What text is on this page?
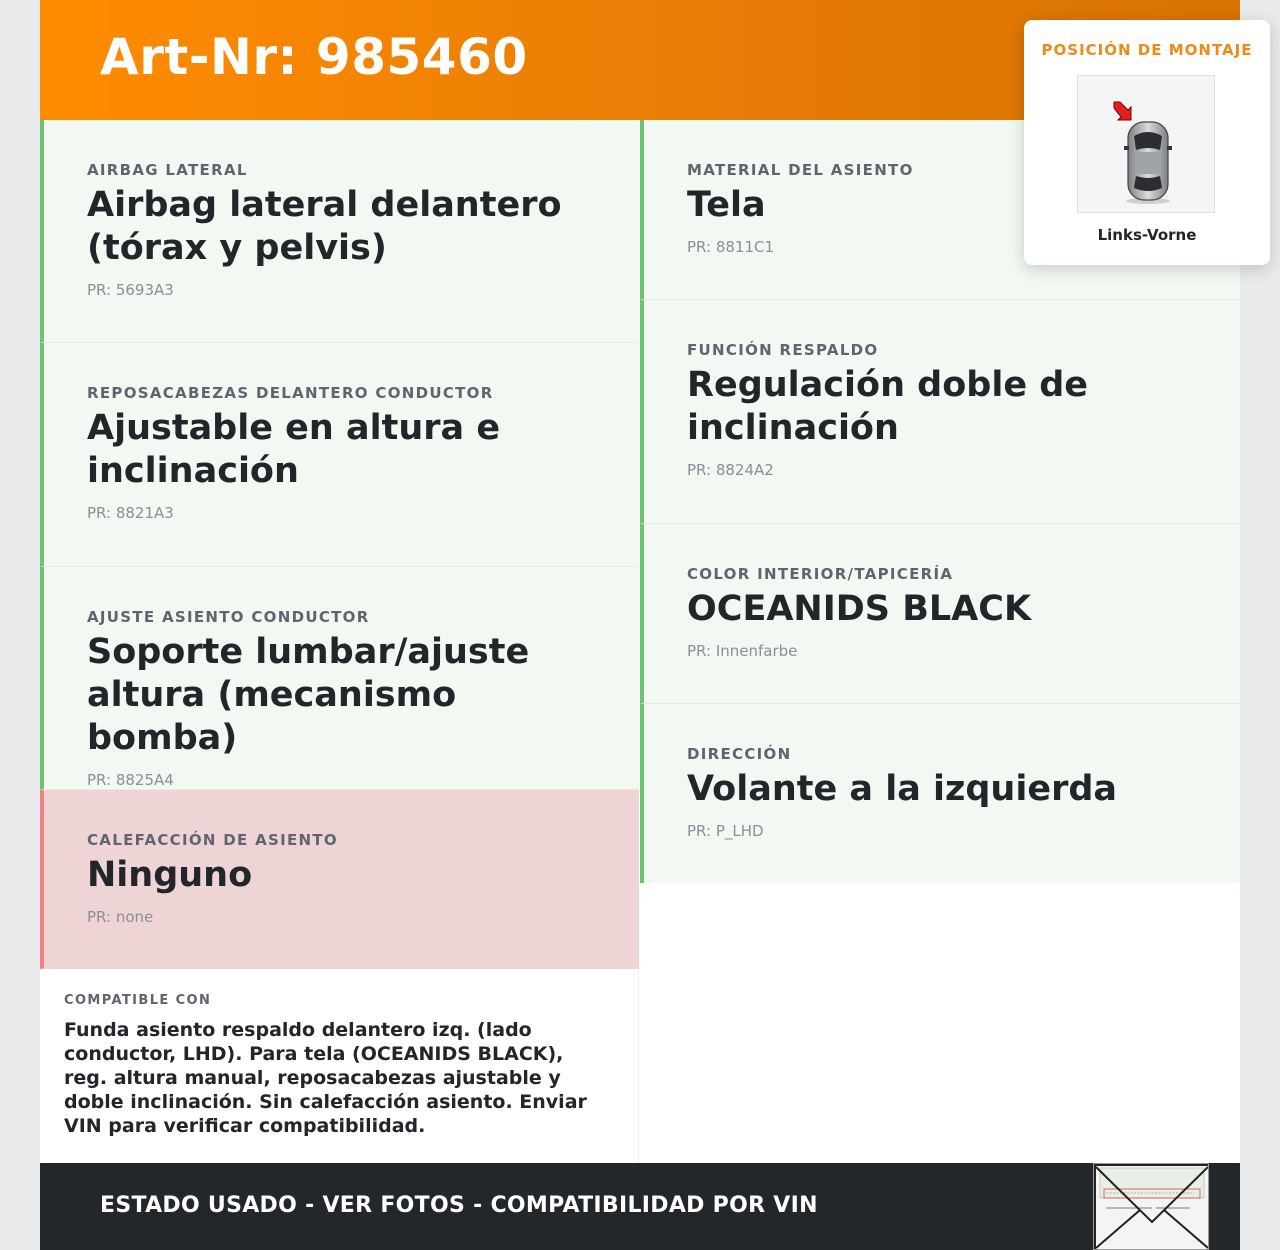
Art-Nr: 985460
AIRBAG LATERAL
Airbag lateral delantero (tórax y pelvis)
PR: 5693A3
REPOSACABEZAS DELANTERO CONDUCTOR
Ajustable en altura e inclinación
PR: 8821A3
AJUSTE ASIENTO CONDUCTOR
Soporte lumbar/ajuste altura (mecanismo bomba)
PR: 8825A4
CALEFACCIÓN DE ASIENTO
Ninguno
PR: none
MATERIAL DEL ASIENTO
Tela
PR: 8811C1
FUNCIÓN RESPALDO
Regulación doble de inclinación
PR: 8824A2
COLOR INTERIOR/TAPICERÍA
OCEANIDS BLACK
PR: Innenfarbe
DIRECCIÓN
Volante a la izquierda
PR: P_LHD
COMPATIBLE CON
Funda asiento respaldo delantero izq. (lado conductor, LHD). Para tela (OCEANIDS BLACK), reg. altura manual, reposacabezas ajustable y doble inclinación. Sin calefacción asiento. Enviar VIN para verificar compatibilidad.
ESTADO USADO - VER FOTOS - COMPATIBILIDAD POR VIN
POSICIÓN DE MONTAJE
Links-Vorne
